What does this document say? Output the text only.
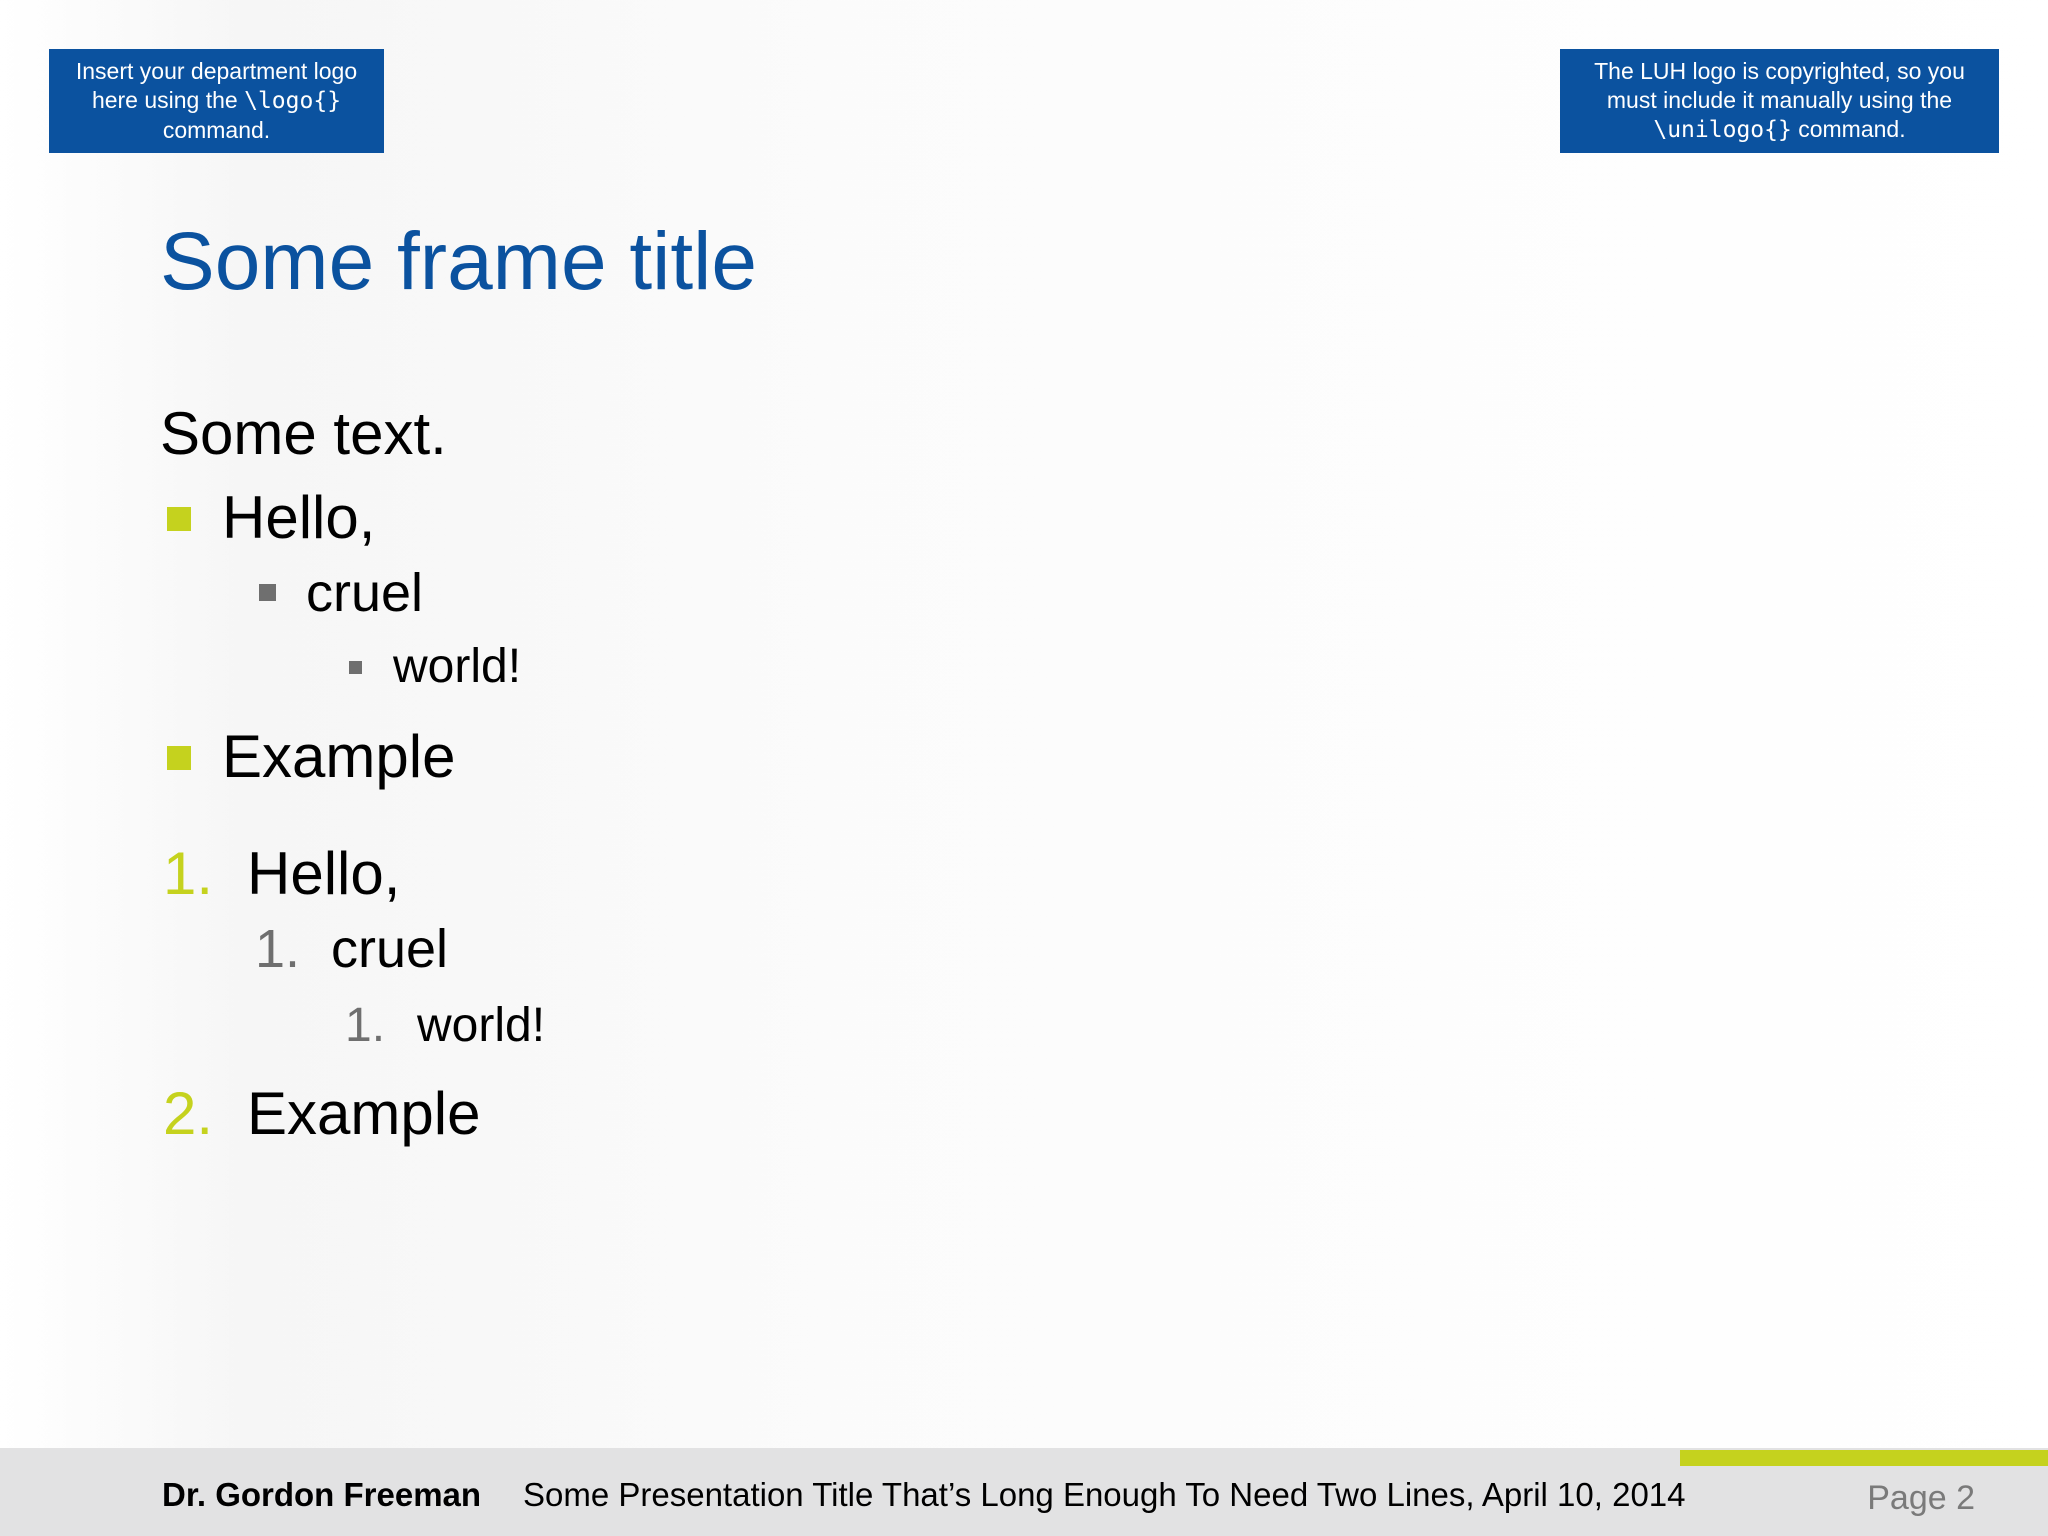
Insert your department logo
here using the \logo{}
command.
The LUH logo is copyrighted, so you
must include it manually using the
\unilogo{} command.
Some frame title
Some text.
Hello,
cruel
world!
Example
1. Hello,
1. cruel
1. world!
2. Example
Dr. Gordon Freeman Some Presentation Title That’s Long Enough To Need Two Lines, April 10, 2014	Page 2
